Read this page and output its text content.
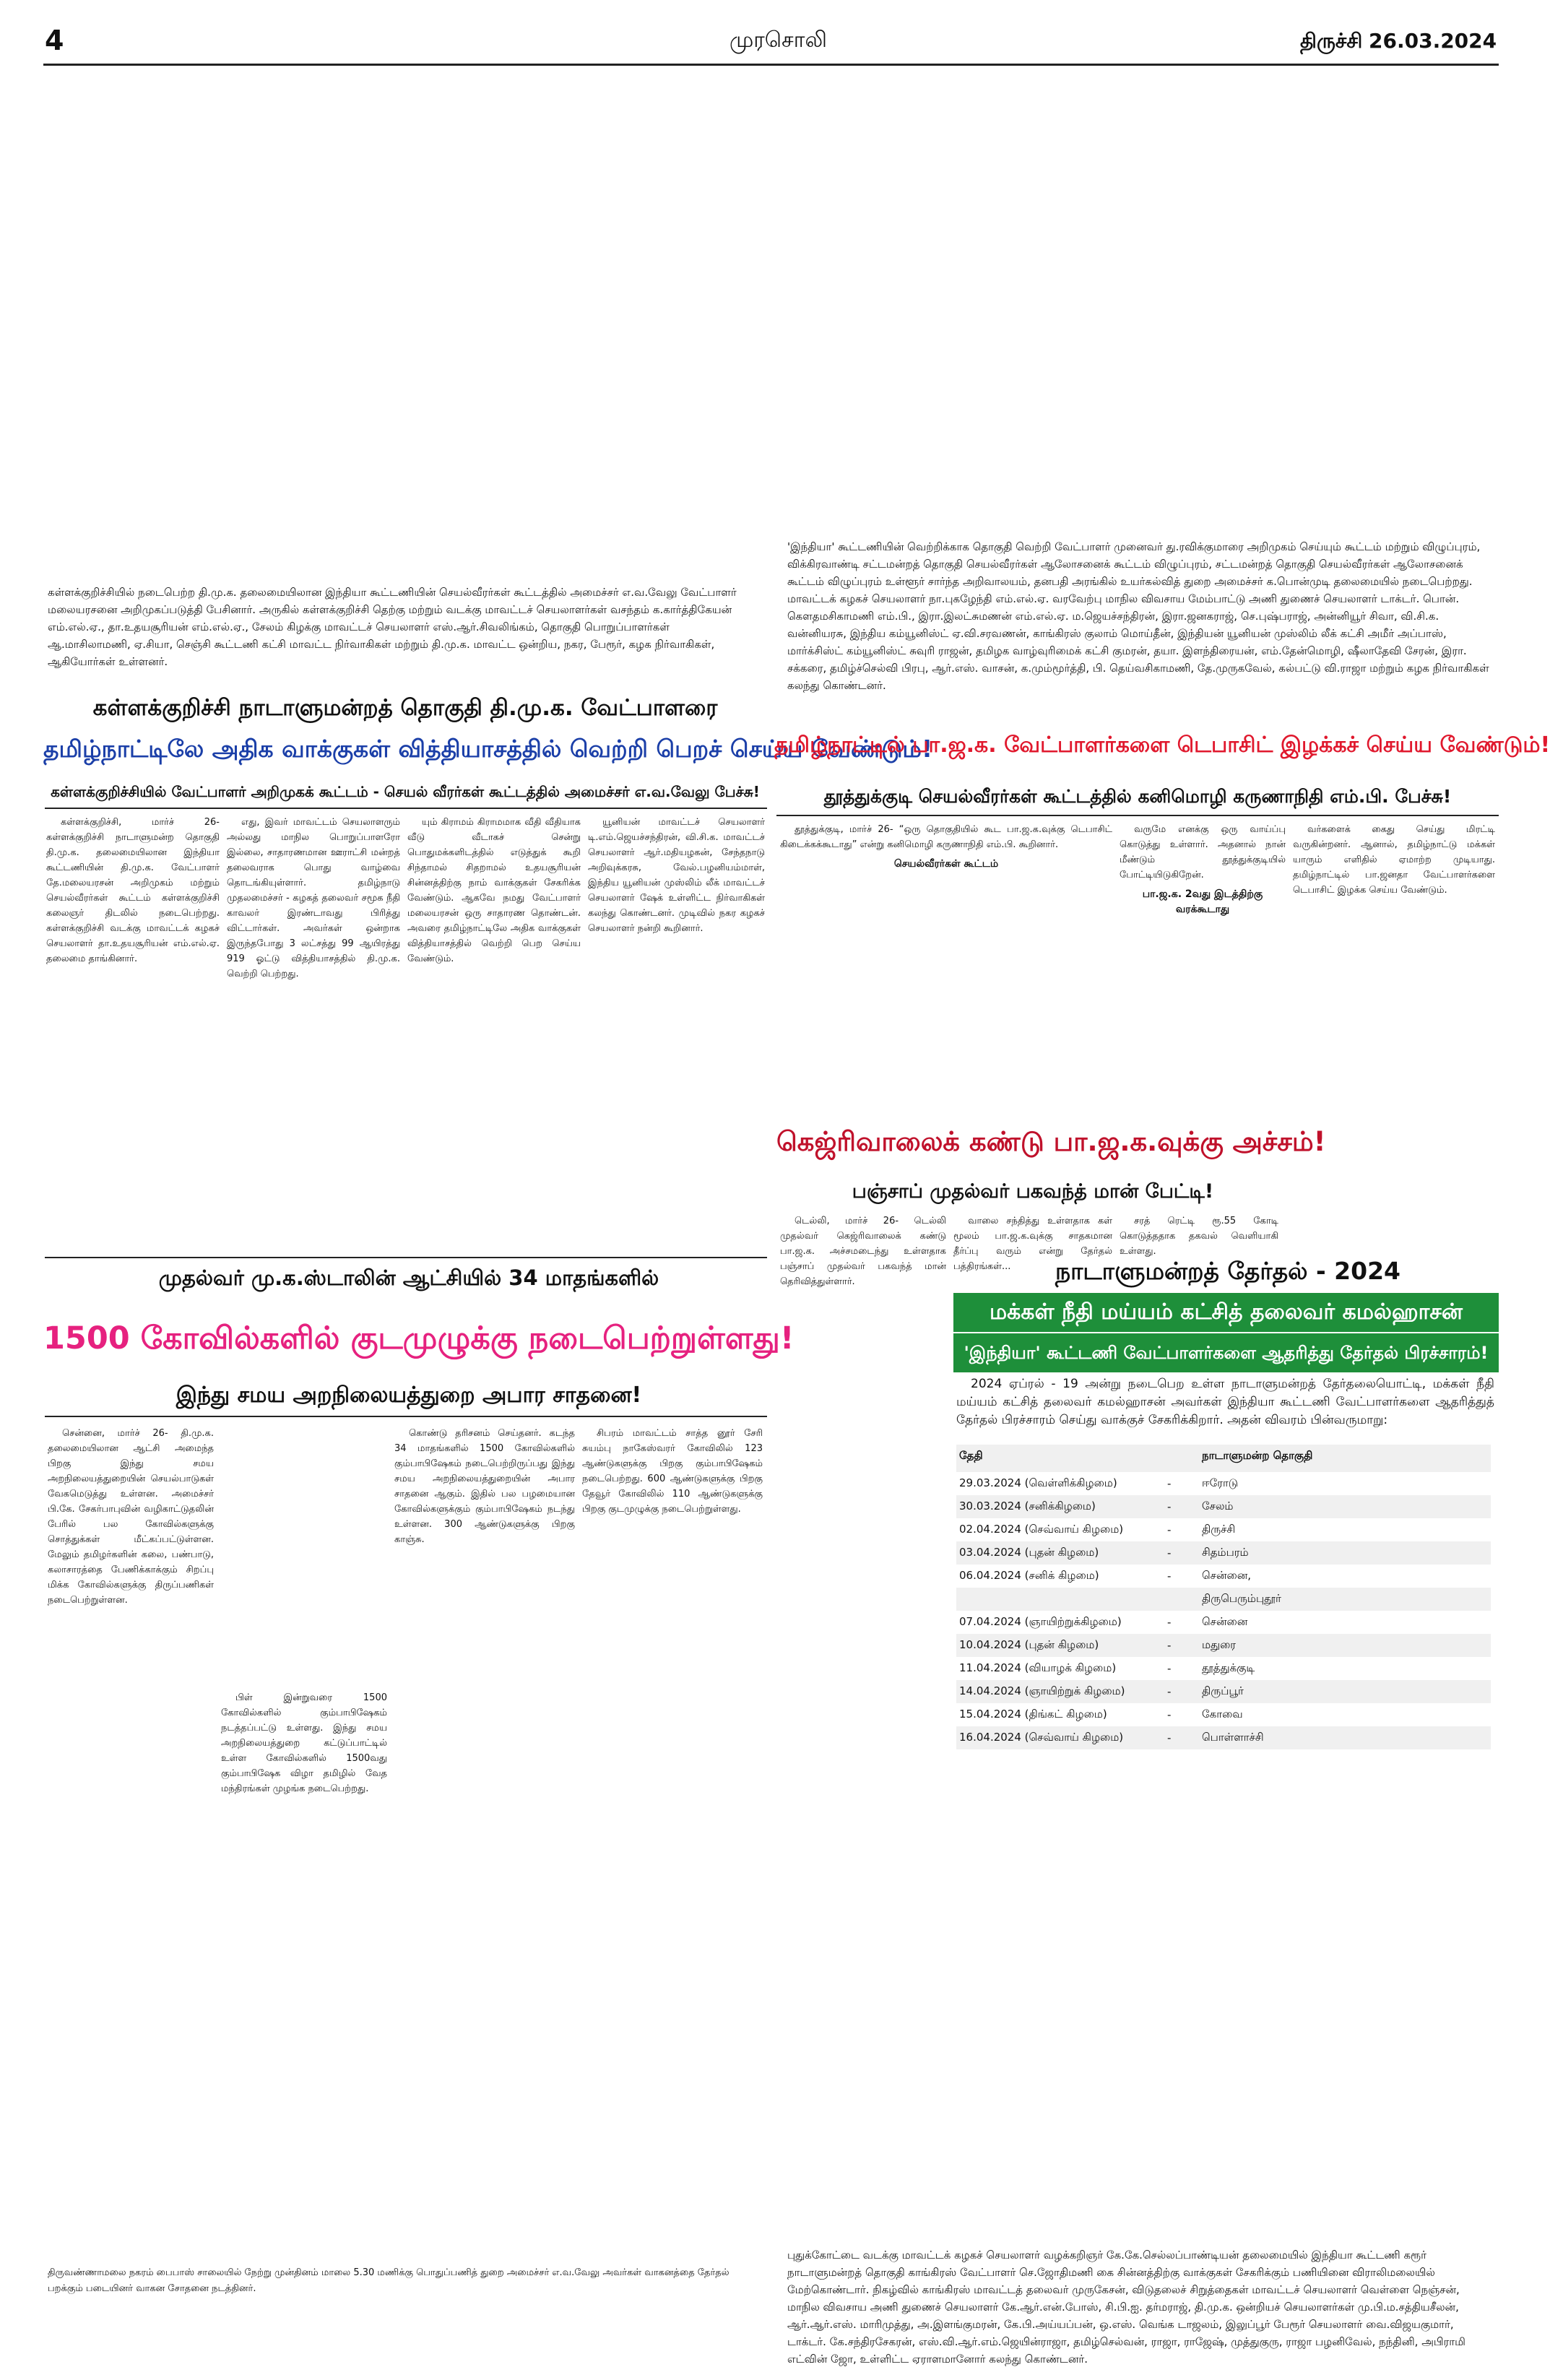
4	முரசொலி	திருச்சி 26.03.2024
கள்ளக்குறிச்சியில் நடைபெற்ற தி.மு.க. தலைமையிலான இந்தியா கூட்டணியின் செயல்வீரர்கள் கூட்டத்தில் அமைச்சர் எ.வ.வேலு வேட்பாளர் மலையரசனை அறிமுகப்படுத்தி பேசினார். அருகில் கள்ளக்குறிச்சி தெற்கு மற்றும் வடக்கு மாவட்டச் செயலாளர்கள் வசந்தம் க.கார்த்திகேயன் எம்.எல்.ஏ., தா.உதயசூரியன் எம்.எல்.ஏ., சேலம் கிழக்கு மாவட்டச் செயலாளர் எஸ்.ஆர்.சிவலிங்கம், தொகுதி பொறுப்பாளர்கள் ஆ.மாசிலாமணி, ஏ.சியா, செஞ்சி கூட்டணி கட்சி மாவட்ட நிர்வாகிகள் மற்றும் தி.மு.க. மாவட்ட ஒன்றிய, நகர, பேரூர், கழக நிர்வாகிகள், ஆகியோர்கள் உள்ளனர்.
'இந்தியா' கூட்டணியின் வெற்றிக்காக தொகுதி வெற்றி வேட்பாளர் முனைவர் து.ரவிக்குமாரை அறிமுகம் செய்யும் கூட்டம் மற்றும் விழுப்புரம், விக்கிரவாண்டி சட்டமன்றத் தொகுதி செயல்வீரர்கள் ஆலோசனைக் கூட்டம் விழுப்புரம், சட்டமன்றத் தொகுதி செயல்வீரர்கள் ஆலோசனைக் கூட்டம் விழுப்புரம் உள்ளூர் சார்ந்த அறிவாலயம், தனபதி அரங்கில் உயர்கல்வித் துறை அமைச்சர் க.பொன்முடி தலைமையில் நடைபெற்றது. மாவட்டக் கழகச் செயலாளர் நா.புகழேந்தி எம்.எல்.ஏ. வரவேற்பு மாநில விவசாய மேம்பாட்டு அணி துணைச் செயலாளர் டாக்டர். பொன். கௌதமசிகாமணி எம்.பி., இரா.இலட்சுமணன் எம்.எல்.ஏ. ம.ஜெயச்சந்திரன், இரா.ஜனகராஜ், செ.புஷ்பராஜ், அன்னியூர் சிவா, வி.சி.க. வன்னியரசு, இந்திய கம்யூனிஸ்ட் ஏ.வி.சரவணன், காங்கிரஸ் குலாம் மொய்தீன், இந்தியன் யூனியன் முஸ்லிம் லீக் கட்சி அமீர் அப்பாஸ், மார்க்சிஸ்ட் கம்யூனிஸ்ட் சுவுரி ராஜன், தமிழக வாழ்வுரிமைக் கட்சி குமரன், தயா. இளந்திரையன், எம்.தேன்மொழி, ஷீலாதேவி சேரன், இரா. சக்கரை, தமிழ்ச்செல்வி பிரபு, ஆர்.எஸ். வாசன், க.மும்மூர்த்தி, பி. தெய்வசிகாமணி, தே.முருகவேல், கல்பட்டு வி.ராஜா மற்றும் கழக நிர்வாகிகள் கலந்து கொண்டனர்.
கள்ளக்குறிச்சி நாடாளுமன்றத் தொகுதி தி.மு.க. வேட்பாளரை
தமிழ்நாட்டிலே அதிக வாக்குகள் வித்தியாசத்தில் வெற்றி பெறச் செய்ய வேண்டும்!
கள்ளக்குறிச்சியில் வேட்பாளர் அறிமுகக் கூட்டம் - செயல் வீரர்கள் கூட்டத்தில் அமைச்சர் எ.வ.வேலு பேச்சு!

கள்ளக்குறிச்சி, மார்ச் 26- கள்ளக்குறிச்சி நாடாளுமன்ற தொகுதி தி.மு.க. தலைமையிலான இந்தியா கூட்டணியின் தி.மு.க. வேட்பாளர் தே.மலையரசன் அறிமுகம் மற்றும் செயல்வீரர்கள் கூட்டம் கள்ளக்குறிச்சி கலைஞர் திடலில் நடைபெற்றது. கள்ளக்குறிச்சி வடக்கு மாவட்டக் கழகச் செயலாளர் தா.உதயசூரியன் எம்.எல்.ஏ. தலைமை தாங்கினார்.

எது, இவர் மாவட்டம் செயலாளரும் அல்லது மாநில பொறுப்பாளரோ இல்லை, சாதாரணமான ஊராட்சி மன்றத் தலைவராக பொது வாழ்வை தொடங்கியுள்ளார். தமிழ்நாடு முதலமைச்சர் - கழகத் தலைவர் சமூக நீதி காவலர் இரண்டாவது பிரித்து விட்டார்கள். அவர்கள் ஒன்றாக இருந்தபோது 3 லட்சத்து 99 ஆயிரத்து 919 ஓட்டு வித்தியாசத்தில் தி.மு.க. வெற்றி பெற்றது.

யும் கிராமம் கிராமமாக வீதி வீதியாக வீடு வீடாகச் சென்று பொதுமக்களிடத்தில் எடுத்துக் கூறி சிந்தாமல் சிதறாமல் உதயசூரியன் சின்னத்திற்கு நாம் வாக்குகள் சேகரிக்க வேண்டும். ஆகவே நமது வேட்பாளர் மலையரசன் ஒரு சாதாரண தொண்டன். அவரை தமிழ்நாட்டிலே அதிக வாக்குகள் வித்தியாசத்தில் வெற்றி பெற செய்ய வேண்டும்.

யூனியன் மாவட்டச் செயலாளர் டி.எம்.ஜெயச்சந்திரன், வி.சி.க. மாவட்டச் செயலாளர் ஆர்.மதியழகன், சேந்தநாடு அறிவுக்கரசு, வேல்.பழனியம்மாள், இந்திய யூனியன் முஸ்லிம் லீக் மாவட்டச் செயலாளர் ஷேக் உள்ளிட்ட நிர்வாகிகள் கலந்து கொண்டனர். முடிவில் நகர கழகச் செயலாளர் நன்றி கூறினார்.

தமிழ்நாட்டில் பா.ஜ.க. வேட்பாளர்களை டெபாசிட் இழக்கச் செய்ய வேண்டும்!
தூத்துக்குடி செயல்வீரர்கள் கூட்டத்தில் கனிமொழி கருணாநிதி எம்.பி. பேச்சு!

தூத்துக்குடி, மார்ச் 26- “ஒரு தொகுதியில் கூட பா.ஜ.க.வுக்கு டெபாசிட் கிடைக்கக்கூடாது” என்று கனிமொழி கருணாநிதி எம்.பி. கூறினார்.

செயல்வீரர்கள் கூட்டம்

வருமே எனக்கு ஒரு வாய்ப்பு கொடுத்து உள்ளார். அதனால் நான் மீண்டும் தூத்துக்குடியில் போட்டியிடுகிறேன்.

பா.ஜ.க. 2வது இடத்திற்கு வரக்கூடாது

வர்களைக் கைது செய்து மிரட்டி வருகின்றனர். ஆனால், தமிழ்நாட்டு மக்கள் யாரும் எளிதில் ஏமாற்ற முடியாது. தமிழ்நாட்டில் பா.ஜனதா வேட்பாளர்களை டெபாசிட் இழக்க செய்ய வேண்டும்.

கெஜ்ரிவாலைக் கண்டு பா.ஜ.க.வுக்கு அச்சம்!
பஞ்சாப் முதல்வர் பகவந்த் மான் பேட்டி!

டெல்லி, மார்ச் 26- டெல்லி முதல்வர் கெஜ்ரிவாலைக் கண்டு பா.ஜ.க. அச்சமடைந்து உள்ளதாக பஞ்சாப் முதல்வர் பகவந்த் மான் தெரிவித்துள்ளார்.

வாலை சந்தித்து உள்ளதாக கள் மூலம் பா.ஜ.க.வுக்கு சாதகமான தீர்ப்பு வரும் என்று தேர்தல் பத்திரங்கள்...

சரத் ரெட்டி ரூ.55 கோடி கொடுத்ததாக தகவல் வெளியாகி உள்ளது.

நாடாளுமன்றத் தேர்தல் - 2024
மக்கள் நீதி மய்யம் கட்சித் தலைவர் கமல்ஹாசன்
'இந்தியா' கூட்டணி வேட்பாளர்களை ஆதரித்து தேர்தல் பிரச்சாரம்!

2024 ஏப்ரல் - 19 அன்று நடைபெற உள்ள நாடாளுமன்றத் தேர்தலையொட்டி, மக்கள் நீதி மய்யம் கட்சித் தலைவர் கமல்ஹாசன் அவர்கள் இந்தியா கூட்டணி வேட்பாளர்களை ஆதரித்துத் தேர்தல் பிரச்சாரம் செய்து வாக்குச் சேகரிக்கிறார். அதன் விவரம் பின்வருமாறு:

தேதி		நாடாளுமன்ற தொகுதி

29.03.2024 (வெள்ளிக்கிழமை)	-	ஈரோடு
30.03.2024 (சனிக்கிழமை)	-	சேலம்
02.04.2024 (செவ்வாய் கிழமை)	-	திருச்சி
03.04.2024 (புதன் கிழமை)	-	சிதம்பரம்
06.04.2024 (சனிக் கிழமை)	-	சென்னை,
		திருபெரும்புதூர்
07.04.2024 (ஞாயிற்றுக்கிழமை)	-	சென்னை
10.04.2024 (புதன் கிழமை)	-	மதுரை
11.04.2024 (வியாழக் கிழமை)	-	தூத்துக்குடி
14.04.2024 (ஞாயிற்றுக் கிழமை)	-	திருப்பூர்
15.04.2024 (திங்கட் கிழமை)	-	கோவை
16.04.2024 (செவ்வாய் கிழமை)	-	பொள்ளாச்சி
முதல்வர் மு.க.ஸ்டாலின் ஆட்சியில் 34 மாதங்களில்
1500 கோவில்களில் குடமுழுக்கு நடைபெற்றுள்ளது!
இந்து சமய அறநிலையத்துறை அபார சாதனை!

சென்னை, மார்ச் 26- தி.மு.க. தலைமையிலான ஆட்சி அமைந்த பிறகு இந்து சமய அறநிலையத்துறையின் செயல்பாடுகள் வேகமெடுத்து உள்ளன. அமைச்சர் பி.கே. சேகர்பாபுவின் வழிகாட்டுதலின் பேரில் பல கோவில்களுக்கு சொத்துக்கள் மீட்கப்பட்டுள்ளன. மேலும் தமிழர்களின் கலை, பண்பாடு, கலாசாரத்தை பேணிக்காக்கும் சிறப்பு மிக்க கோவில்களுக்கு திருப்பணிகள் நடைபெற்றுள்ளன.

பிள் இன்றுவரை 1500 கோவில்களில் கும்பாபிஷேகம் நடத்தப்பட்டு உள்ளது. இந்து சமய அறநிலையத்துறை கட்டுப்பாட்டில் உள்ள கோவில்களில் 1500வது கும்பாபிஷேக விழா தமிழில் வேத மந்திரங்கள் முழங்க நடைபெற்றது.

கொண்டு தரிசனம் செய்தனர். கடந்த 34 மாதங்களில் 1500 கோவில்களில் கும்பாபிஷேகம் நடைபெற்றிருப்பது இந்து சமய அறநிலையத்துறையின் அபார சாதனை ஆகும். இதில் பல பழமையான கோவில்களுக்கும் கும்பாபிஷேகம் நடந்து உள்ளன. 300 ஆண்டுகளுக்கு பிறகு காஞ்சு.

சிபரம் மாவட்டம் சாத்த னூர் சேரி சுயம்பு நாகேஸ்வரர் கோவிலில் 123 ஆண்டுகளுக்கு பிறகு கும்பாபிஷேகம் நடைபெற்றது. 600 ஆண்டுகளுக்கு பிறகு தேவூர் கோவிலில் 110 ஆண்டுகளுக்கு பிறகு குடமுழுக்கு நடைபெற்றுள்ளது.

திருவண்ணாமலை நகரம் பைபாஸ் சாலையில் நேற்று முன்தினம் மாலை 5.30 மணிக்கு பொதுப்பணித் துறை அமைச்சர் எ.வ.வேலு அவர்கள் வாகனத்தை தேர்தல் பறக்கும் படையினர் வாகன சோதனை நடத்தினர்.
புதுக்கோட்டை வடக்கு மாவட்டக் கழகச் செயலாளர் வழக்கறிஞர் கே.கே.செல்லப்பாண்டியன் தலைமையில் இந்தியா கூட்டணி கரூர் நாடாளுமன்றத் தொகுதி காங்கிரஸ் வேட்பாளர் செ.ஜோதிமணி கை சின்னத்திற்கு வாக்குகள் சேகரிக்கும் பணியினை விராலிமலையில் மேற்கொண்டார். நிகழ்வில் காங்கிரஸ் மாவட்டத் தலைவர் முருகேசன், விடுதலைச் சிறுத்தைகள் மாவட்டச் செயலாளர் வெள்ளை நெஞ்சன், மாநில விவசாய அணி துணைச் செயலாளர் கே.ஆர்.என்.போஸ், சி.பி.ஐ. தர்மராஜ், தி.மு.க. ஒன்றியச் செயலாளர்கள் மு.பி.ம.சத்தியசீலன், ஆர்.ஆர்.எஸ். மாரிமுத்து, அ.இளங்குமரன், கே.பி.அய்யப்பன், ஒ.எஸ். வெங்க டாஜலம், இலுப்பூர் பேரூர் செயலாளர் வை.விஜயகுமார், டாக்டர். கே.சந்திரசேகரன், எஸ்.வி.ஆர்.எம்.ஜெயின்ராஜா, தமிழ்செல்வன், ராஜா, ராஜேஷ், முத்துகுரு, ராஜா பழனிவேல், நந்தினி, அபிராமி எட்வின் ஜோ, உள்ளிட்ட ஏராளமானோர் கலந்து கொண்டனர்.
